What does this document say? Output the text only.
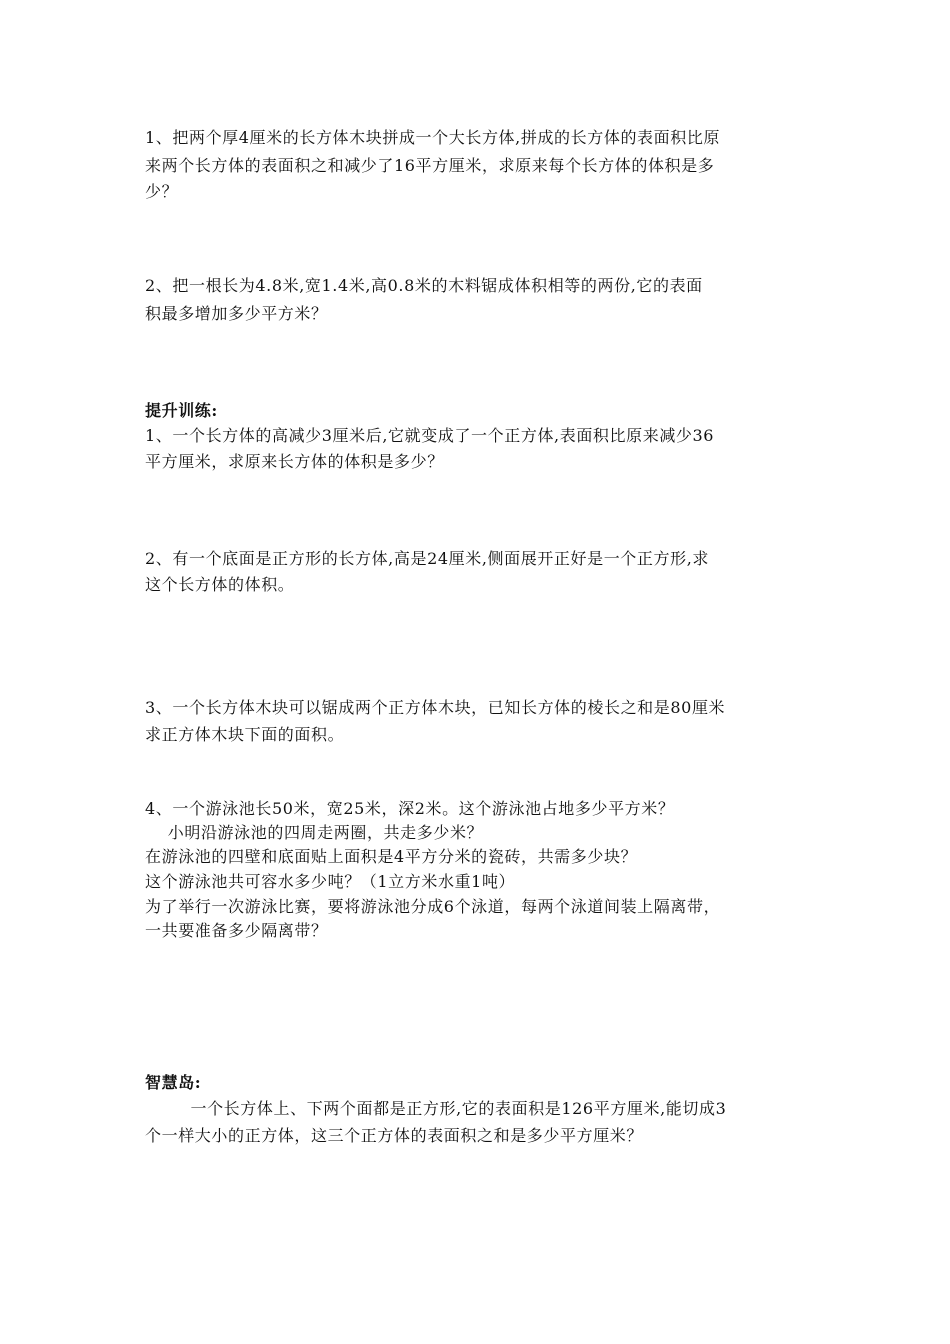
1、把两个厚4厘米的长方体木块拼成一个大长方体,拼成的长方体的表面积比原
来两个长方体的表面积之和减少了16平方厘米，求原来每个长方体的体积是多
少？
2、把一根长为4.8米,宽1.4米,高0.8米的木料锯成体积相等的两份,它的表面
积最多增加多少平方米？
提升训练:
1、一个长方体的高减少3厘米后,它就变成了一个正方体,表面积比原来减少36
平方厘米，求原来长方体的体积是多少？
2、有一个底面是正方形的长方体,高是24厘米,侧面展开正好是一个正方形,求
这个长方体的体积。
3、一个长方体木块可以锯成两个正方体木块，已知长方体的棱长之和是80厘米
求正方体木块下面的面积。
4、一个游泳池长50米，宽25米，深2米。这个游泳池占地多少平方米？
小明沿游泳池的四周走两圈，共走多少米？
在游泳池的四壁和底面贴上面积是4平方分米的瓷砖，共需多少块？
这个游泳池共可容水多少吨？（1立方米水重1吨）
为了举行一次游泳比赛，要将游泳池分成6个泳道，每两个泳道间装上隔离带，
一共要准备多少隔离带？
智慧岛:
一个长方体上、下两个面都是正方形,它的表面积是126平方厘米,能切成3
个一样大小的正方体，这三个正方体的表面积之和是多少平方厘米？
